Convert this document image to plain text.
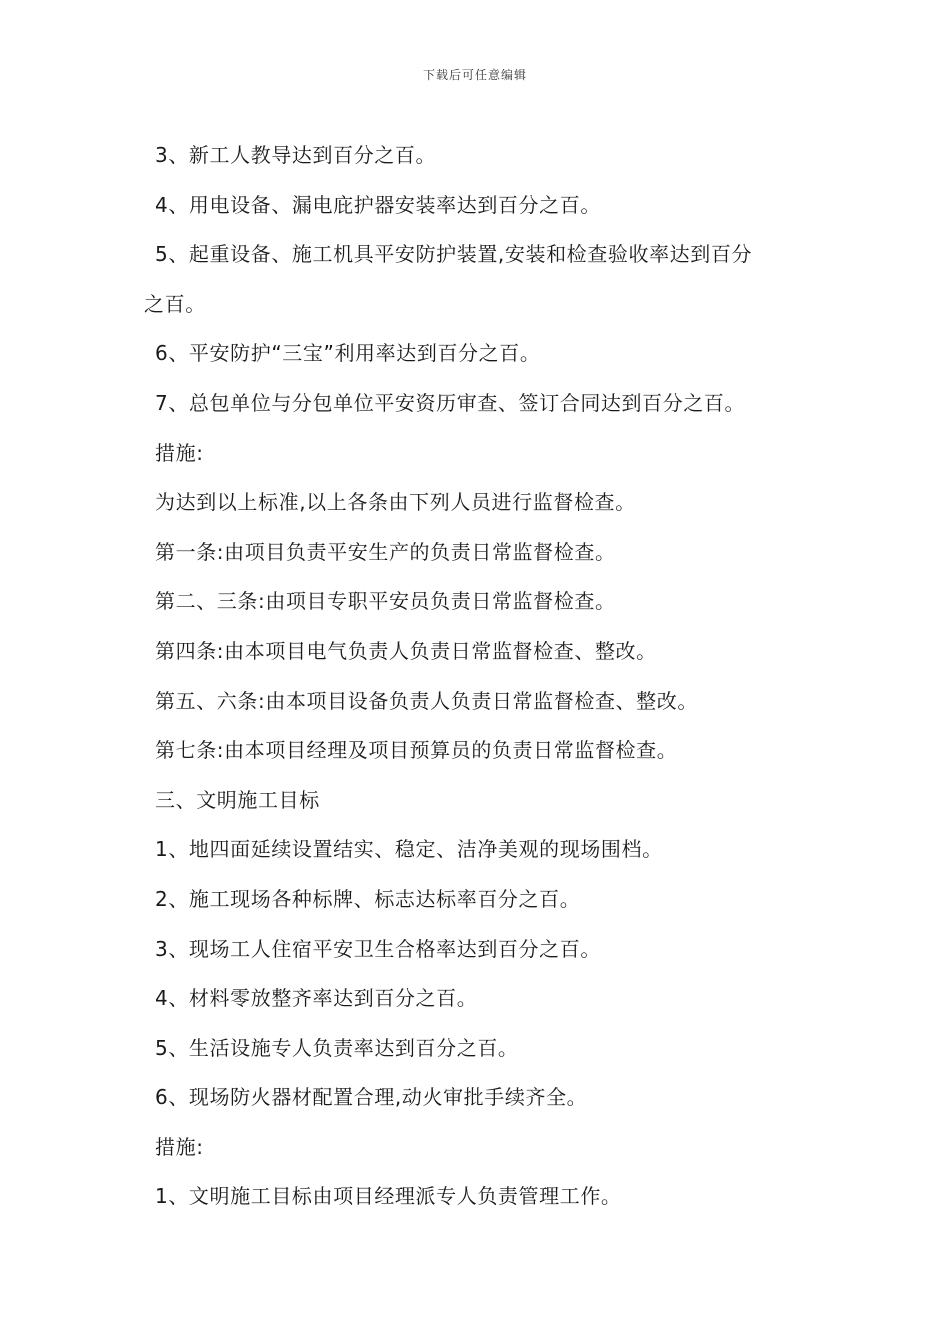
下载后可任意编辑
3、新工人教导达到百分之百。
4、用电设备、漏电庇护器安装率达到百分之百。
5、起重设备、施工机具平安防护装置,安装和检查验收率达到百分
之百。
6、平安防护“三宝”利用率达到百分之百。
7、总包单位与分包单位平安资历审查、签订合同达到百分之百。
措施:
为达到以上标准,以上各条由下列人员进行监督检查。
第一条:由项目负责平安生产的负责日常监督检查。
第二、三条:由项目专职平安员负责日常监督检查。
第四条:由本项目电气负责人负责日常监督检查、整改。
第五、六条:由本项目设备负责人负责日常监督检查、整改。
第七条:由本项目经理及项目预算员的负责日常监督检查。
三、文明施工目标
1、地四面延续设置结实、稳定、洁净美观的现场围档。
2、施工现场各种标牌、标志达标率百分之百。
3、现场工人住宿平安卫生合格率达到百分之百。
4、材料零放整齐率达到百分之百。
5、生活设施专人负责率达到百分之百。
6、现场防火器材配置合理,动火审批手续齐全。
措施:
1、文明施工目标由项目经理派专人负责管理工作。
